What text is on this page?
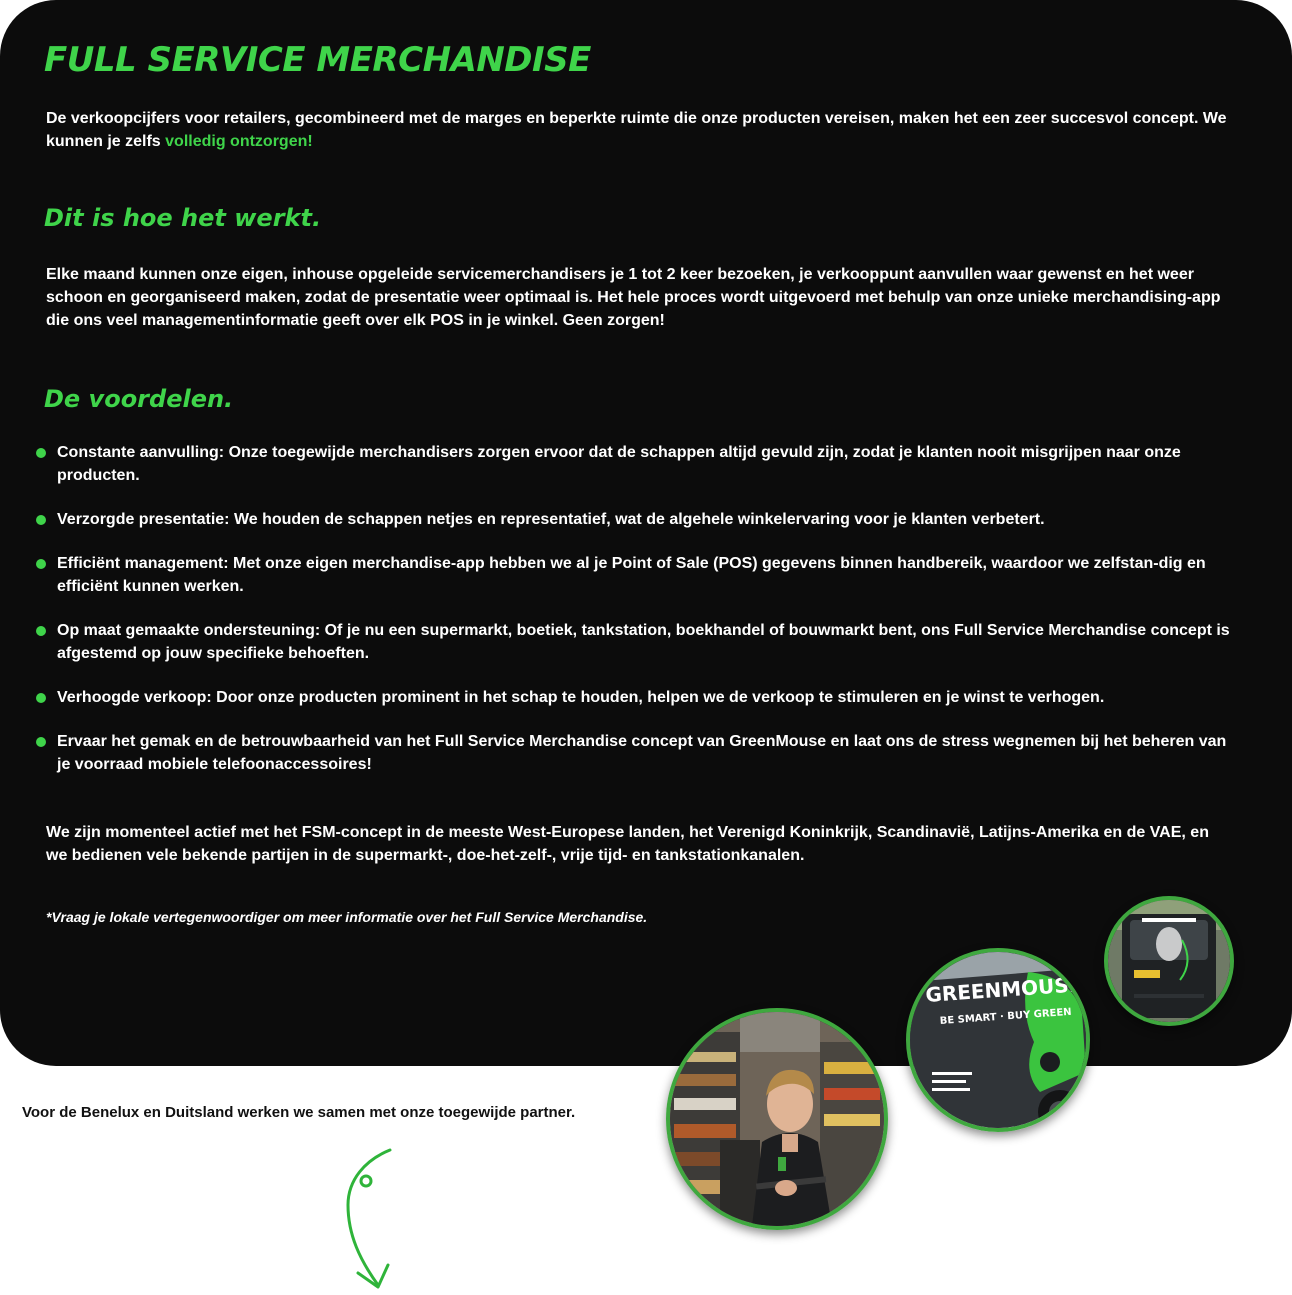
FULL SERVICE MERCHANDISE

De verkoopcijfers voor retailers, gecombineerd met de marges en beperkte ruimte die onze producten vereisen, maken het een zeer succesvol concept. We kunnen je zelfs volledig ontzorgen!

Dit is hoe het werkt.

Elke maand kunnen onze eigen, inhouse opgeleide servicemerchandisers je 1 tot 2 keer bezoeken, je verkooppunt aanvullen waar gewenst en het weer schoon en georganiseerd maken, zodat de presentatie weer optimaal is. Het hele proces wordt uitgevoerd met behulp van onze unieke merchandising-app die ons veel managementinformatie geeft over elk POS in je winkel. Geen zorgen!

De voordelen.
Constante aanvulling: Onze toegewijde merchandisers zorgen ervoor dat de schappen altijd gevuld zijn, zodat je klanten nooit misgrijpen naar onze producten.
Verzorgde presentatie: We houden de schappen netjes en representatief, wat de algehele winkelervaring voor je klanten verbetert.
Efficiënt management: Met onze eigen merchandise-app hebben we al je Point of Sale (POS) gegevens binnen handbereik, waardoor we zelfstan-dig en efficiënt kunnen werken.
Op maat gemaakte ondersteuning: Of je nu een supermarkt, boetiek, tankstation, boekhandel of bouwmarkt bent, ons Full Service Merchandise concept is afgestemd op jouw specifieke behoeften.
Verhoogde verkoop: Door onze producten prominent in het schap te houden, helpen we de verkoop te stimuleren en je winst te verhogen.
Ervaar het gemak en de betrouwbaarheid van het Full Service Merchandise concept van GreenMouse en laat ons de stress wegnemen bij het beheren van je voorraad mobiele telefoonaccessoires!

We zijn momenteel actief met het FSM-concept in de meeste West-Europese landen, het Verenigd Koninkrijk, Scandinavië, Latijns-Amerika en de VAE, en we bedienen vele bekende partijen in de supermarkt-, doe-het-zelf-, vrije tijd- en tankstationkanalen.

*Vraag je lokale vertegenwoordiger om meer informatie over het Full Service Merchandise.

GREENMOUSE
BE SMART · BUY GREEN

Voor de Benelux en Duitsland werken we samen met onze toegewijde partner.
